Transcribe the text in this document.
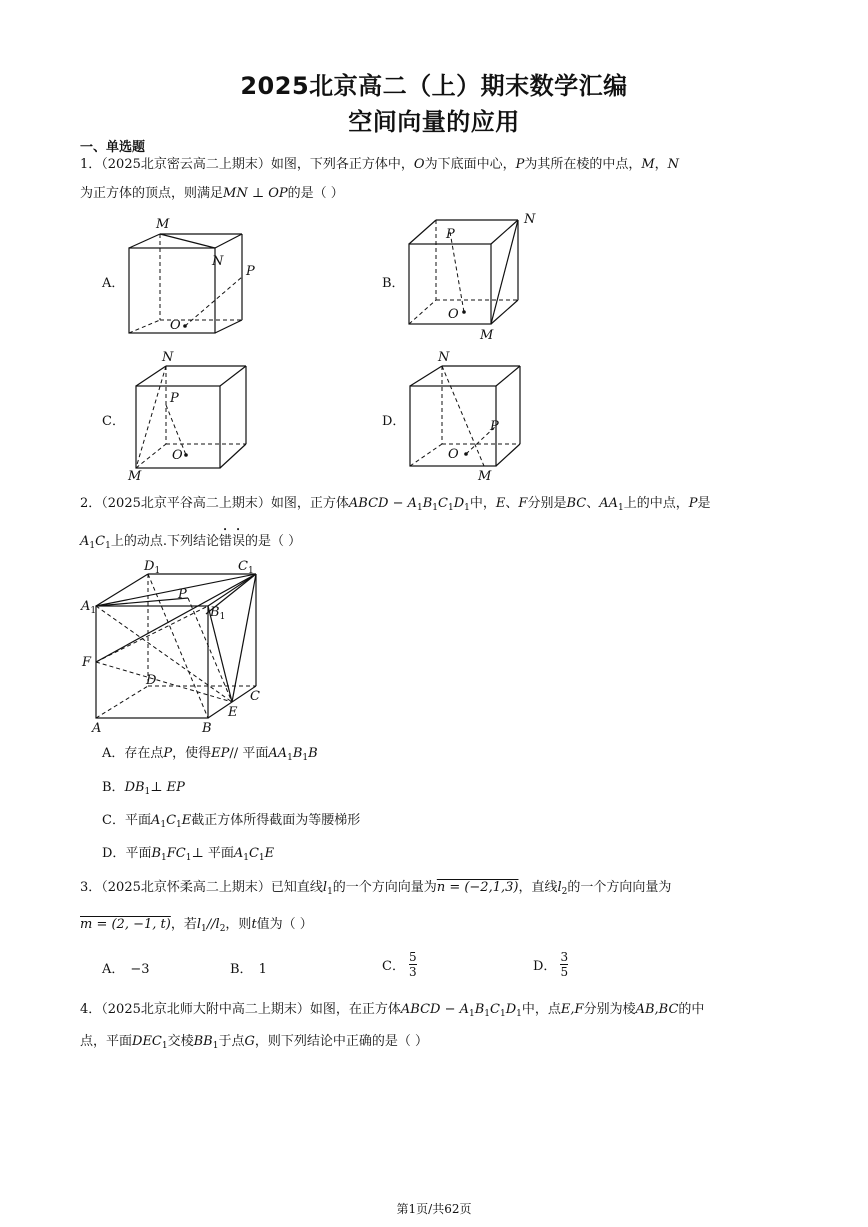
2025北京高二（上）期末数学汇编
空间向量的应用
一、单选题
1．（2025北京密云高二上期末）如图，下列各正方体中，O为下底面中心，P为其所在棱的中点，M，N
为正方体的顶点，则满足MN ⊥ OP的是（ ）
A．	B．
C．	D．
M
N
P
O
N
P
O
M
N
P
O
M
N
P
O
M
2．（2025北京平谷高二上期末）如图，正方体ABCD − $A_1B_1C_1D_1$中，E、F分别是BC、$AA_1$上的中点，P是
$A_1C_1$上的动点.下列结论错误的是（ ）
$D_1$	$C_1$
$A_1$	$B_1$
P
F
D
C
E
A	B
A．存在点P，使得EP// 平面$AA_1B_1B$
B．$DB_1\perp$ EP
C．平面$A_1C_1E$截正方体所得截面为等腰梯形
D．平面$B_1FC_1\perp$ 平面$A_1C_1E$
3．（2025北京怀柔高二上期末）已知直线$l_1$的一个方向向量为n = (−2,1,3)，直线$l_2$的一个方向向量为
m = (2, −1, t)，若$l_1//l_2$，则t值为（ ）
A． −3	B． 1	C． $\frac{5}{3}$	D． $\frac{3}{5}$
4．（2025北京北师大附中高二上期末）如图，在正方体ABCD − $A_1B_1C_1D_1$中，点E,F分别为棱AB,BC的中
点，平面$DEC_1$交棱$BB_1$于点G，则下列结论中正确的是（ ）
第1页/共62页
